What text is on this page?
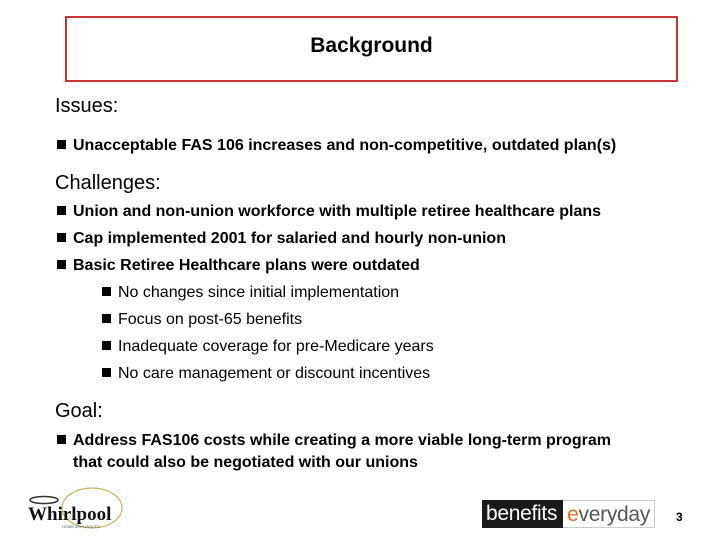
Background
Issues:
Unacceptable FAS 106 increases and non-competitive, outdated plan(s)
Challenges:
Union and non-union workforce with multiple retiree healthcare plans
Cap implemented 2001 for salaried and hourly non-union
Basic Retiree Healthcare plans were outdated
No changes since initial implementation
Focus on post-65 benefits
Inadequate coverage for pre-Medicare years
No care management or discount incentives
Goal:
Address FAS106 costs while creating a more viable long-term program
that could also be negotiated with our unions
Whirlpool
HOME APPLIANCES
benefits everyday	3
